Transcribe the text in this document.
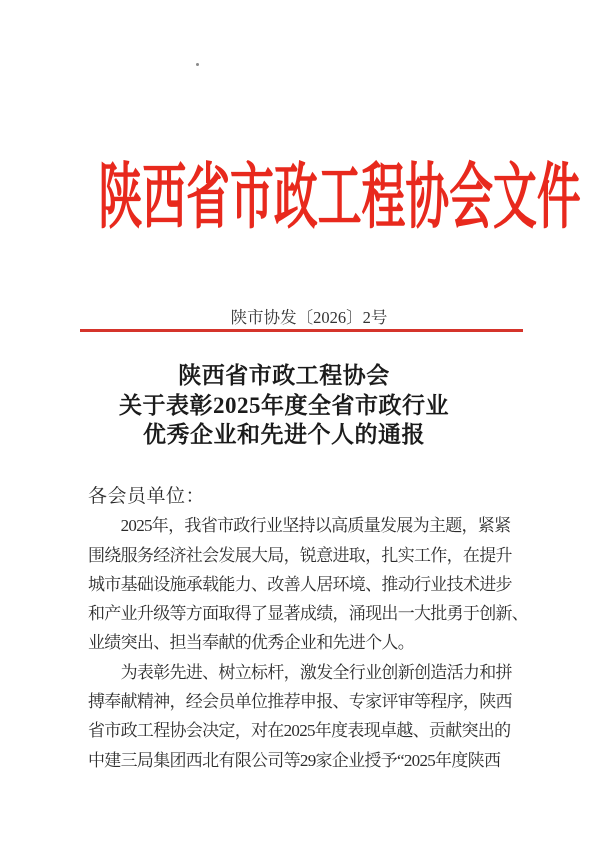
陕西省市政工程协会文件
陕市协发〔2026〕2号
陕西省市政工程协会
关于表彰2025年度全省市政行业
优秀企业和先进个人的通报
各会员单位：
　　2025年，我省市政行业坚持以高质量发展为主题，紧紧
围绕服务经济社会发展大局，锐意进取，扎实工作，在提升
城市基础设施承载能力、改善人居环境、推动行业技术进步
和产业升级等方面取得了显著成绩，涌现出一大批勇于创新、
业绩突出、担当奉献的优秀企业和先进个人。
　　为表彰先进、树立标杆，激发全行业创新创造活力和拼
搏奉献精神，经会员单位推荐申报、专家评审等程序，陕西
省市政工程协会决定，对在2025年度表现卓越、贡献突出的
中建三局集团西北有限公司等29家企业授予“2025年度陕西
